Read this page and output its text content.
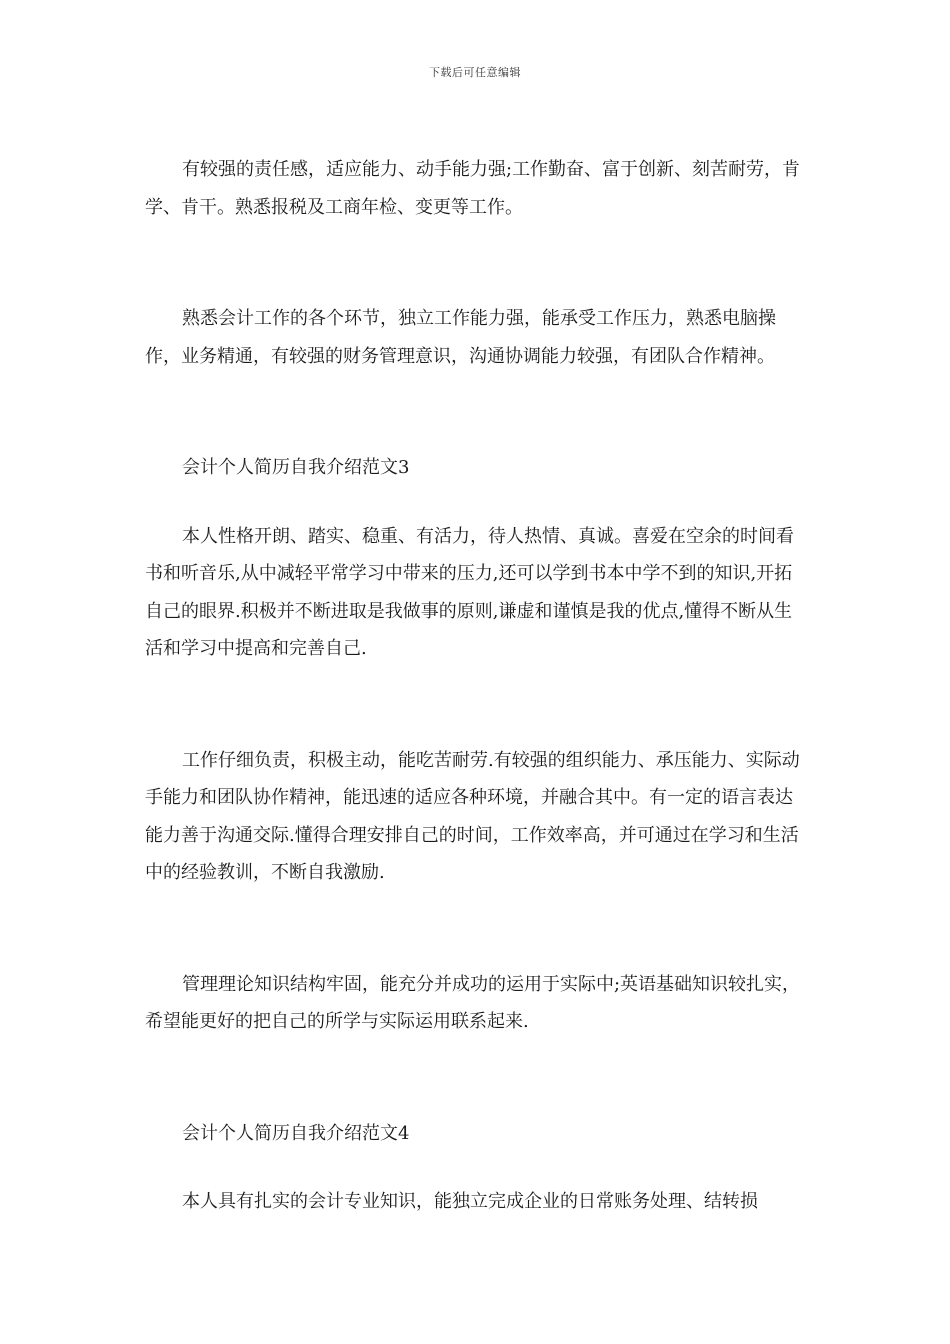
下载后可任意编辑

有较强的责任感，适应能力、动手能力强;工作勤奋、富于创新、刻苦耐劳，肯学、肯干。熟悉报税及工商年检、变更等工作。

熟悉会计工作的各个环节，独立工作能力强，能承受工作压力，熟悉电脑操作，业务精通，有较强的财务管理意识，沟通协调能力较强，有团队合作精神。

会计个人简历自我介绍范文3

本人性格开朗、踏实、稳重、有活力，待人热情、真诚。喜爱在空余的时间看书和听音乐,从中减轻平常学习中带来的压力,还可以学到书本中学不到的知识,开拓自己的眼界.积极并不断进取是我做事的原则,谦虚和谨慎是我的优点,懂得不断从生活和学习中提高和完善自己.

工作仔细负责，积极主动，能吃苦耐劳.有较强的组织能力、承压能力、实际动手能力和团队协作精神，能迅速的适应各种环境，并融合其中。有一定的语言表达能力善于沟通交际.懂得合理安排自己的时间，工作效率高，并可通过在学习和生活中的经验教训，不断自我激励.

管理理论知识结构牢固，能充分并成功的运用于实际中;英语基础知识较扎实，希望能更好的把自己的所学与实际运用联系起来.

会计个人简历自我介绍范文4

本人具有扎实的会计专业知识，能独立完成企业的日常账务处理、结转损
